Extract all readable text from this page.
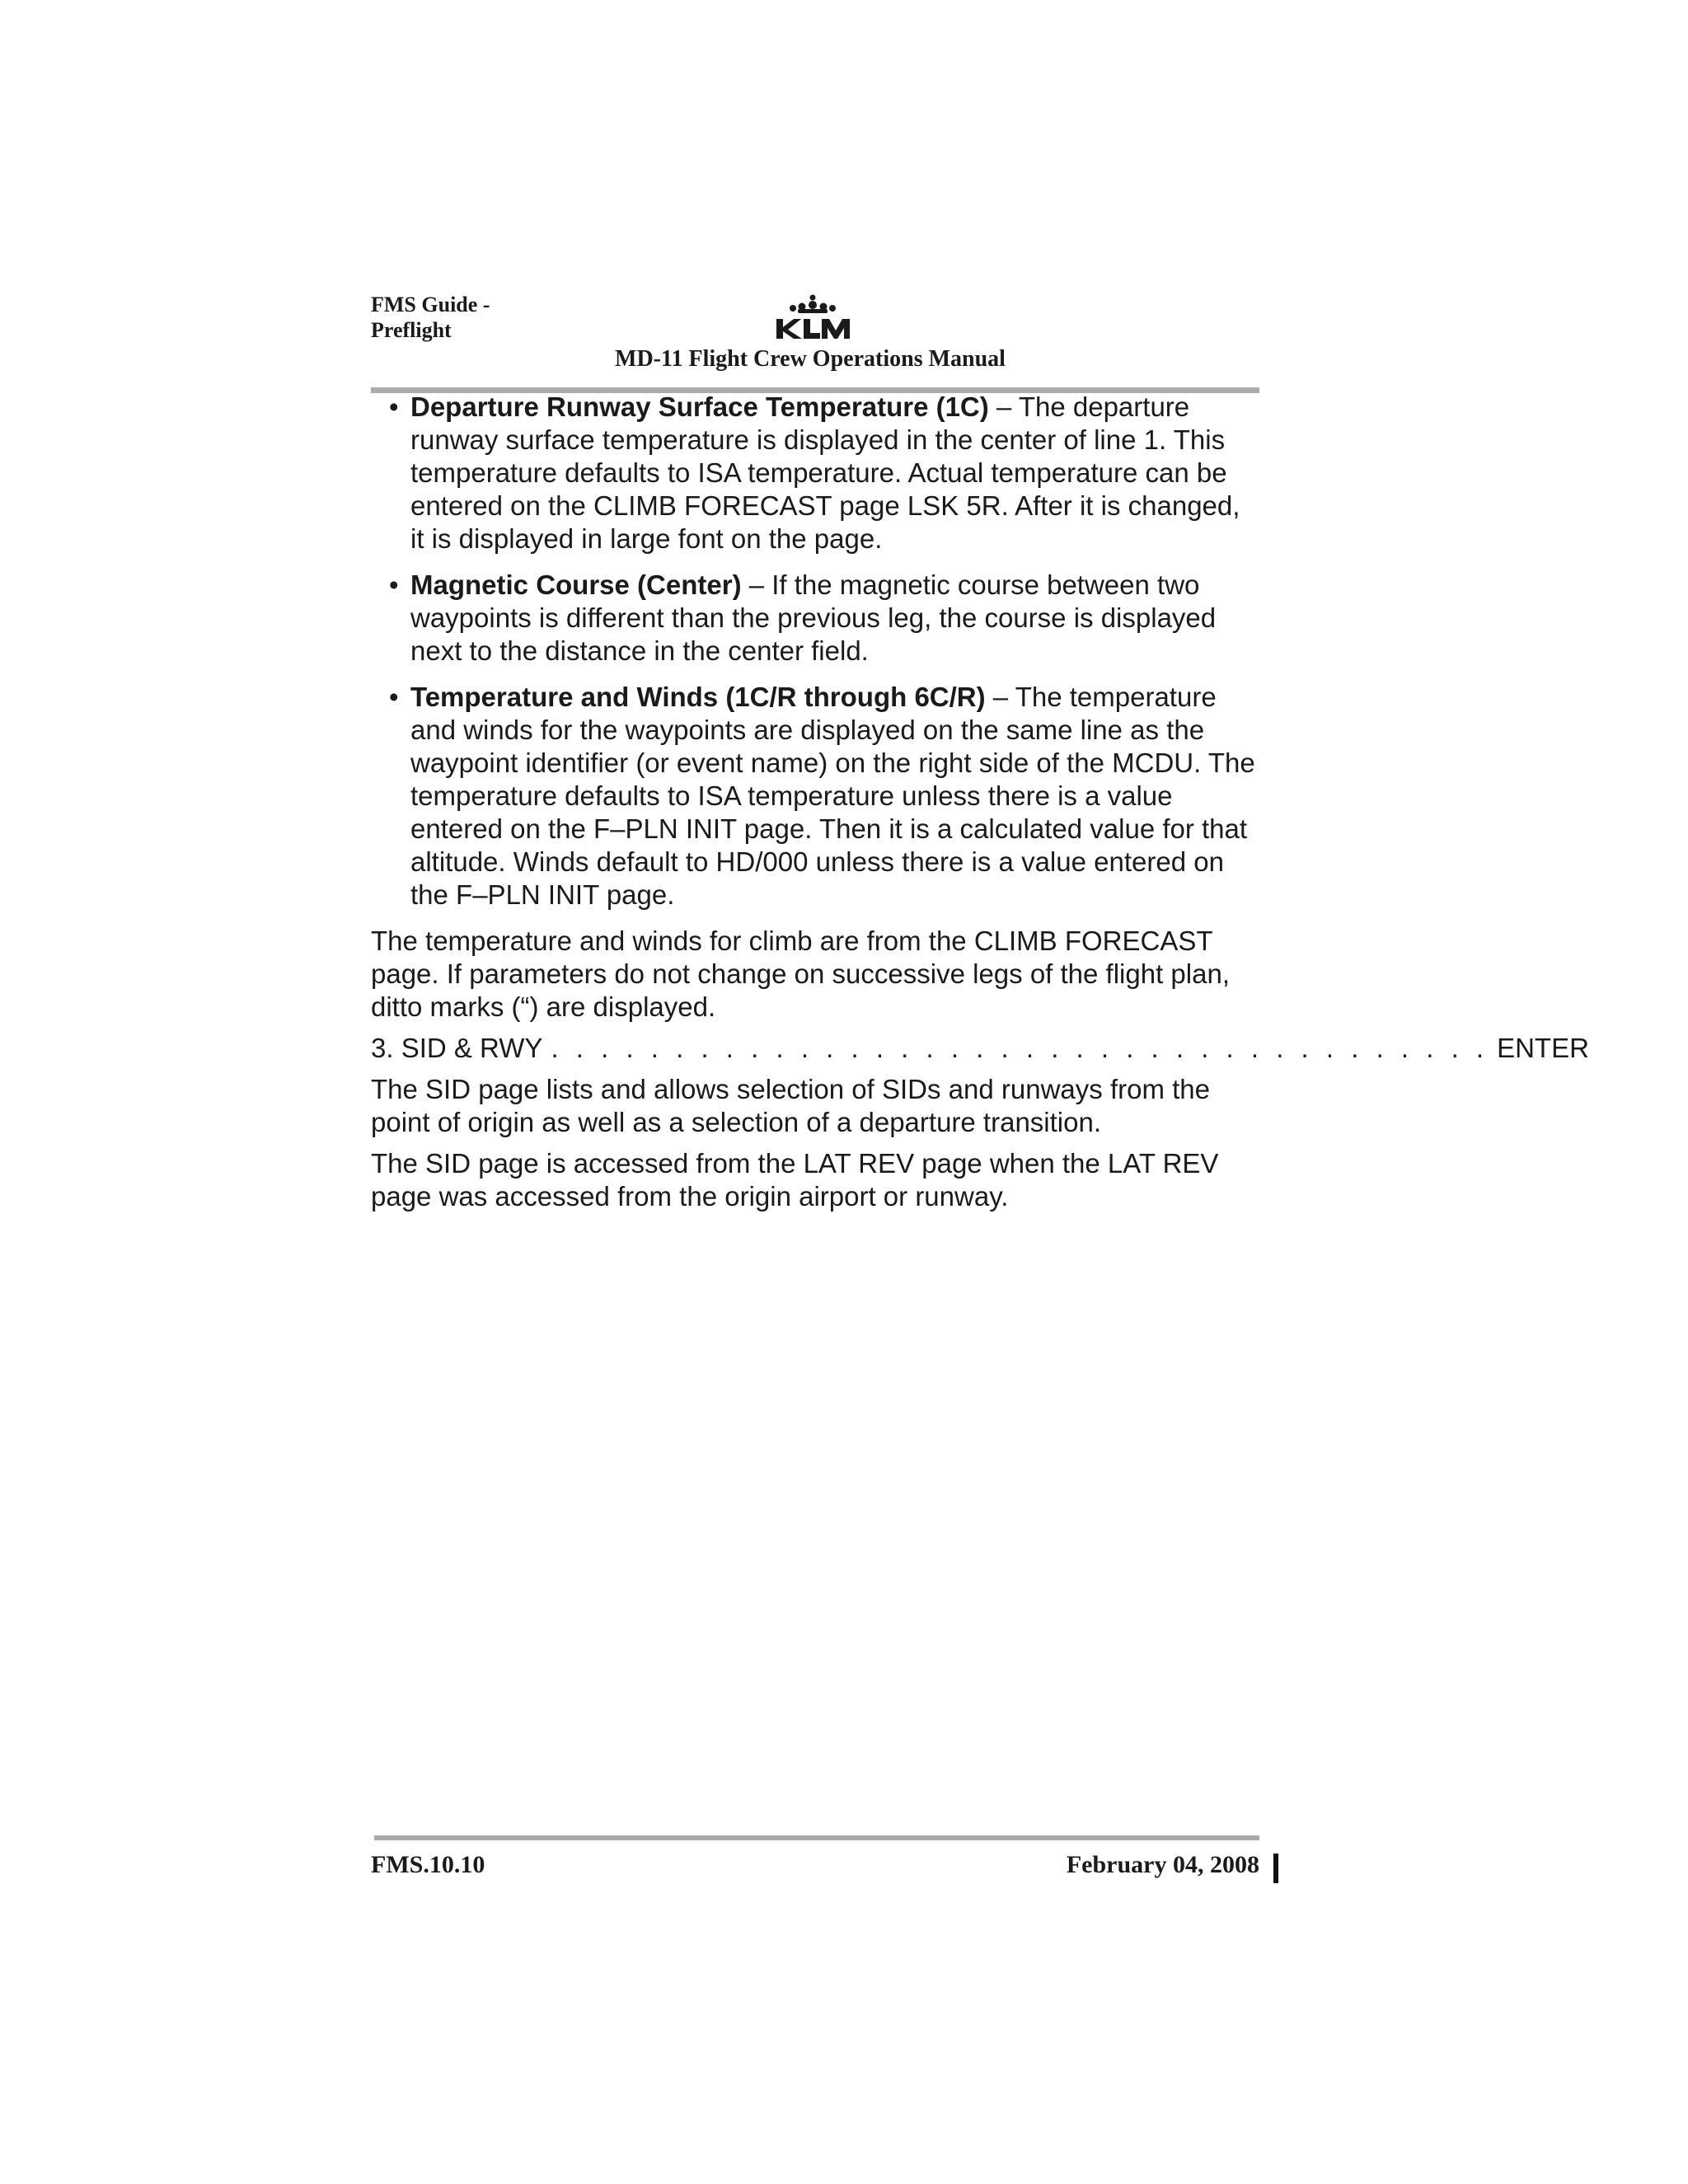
FMS Guide -
Preflight
MD-11 Flight Crew Operations Manual
• Departure Runway Surface Temperature (1C) – The departure runway surface temperature is displayed in the center of line 1. This temperature defaults to ISA temperature. Actual temperature can be entered on the CLIMB FORECAST page LSK 5R. After it is changed, it is displayed in large font on the page.
• Magnetic Course (Center) – If the magnetic course between two waypoints is different than the previous leg, the course is displayed next to the distance in the center field.
• Temperature and Winds (1C/R through 6C/R) – The temperature and winds for the waypoints are displayed on the same line as the waypoint identifier (or event name) on the right side of the MCDU. The temperature defaults to ISA temperature unless there is a value entered on the F–PLN INIT page. Then it is a calculated value for that altitude. Winds default to HD/000 unless there is a value entered on the F–PLN INIT page.

The temperature and winds for climb are from the CLIMB FORECAST page. If parameters do not change on successive legs of the flight plan, ditto marks (“) are displayed.

3. SID & RWY . . . . . . . . . . . . . . . . . . . . . . . . . . . . . . . . . . . . . . ENTER

The SID page lists and allows selection of SIDs and runways from the point of origin as well as a selection of a departure transition.

The SID page is accessed from the LAT REV page when the LAT REV page was accessed from the origin airport or runway.

FMS.10.10	February 04, 2008
